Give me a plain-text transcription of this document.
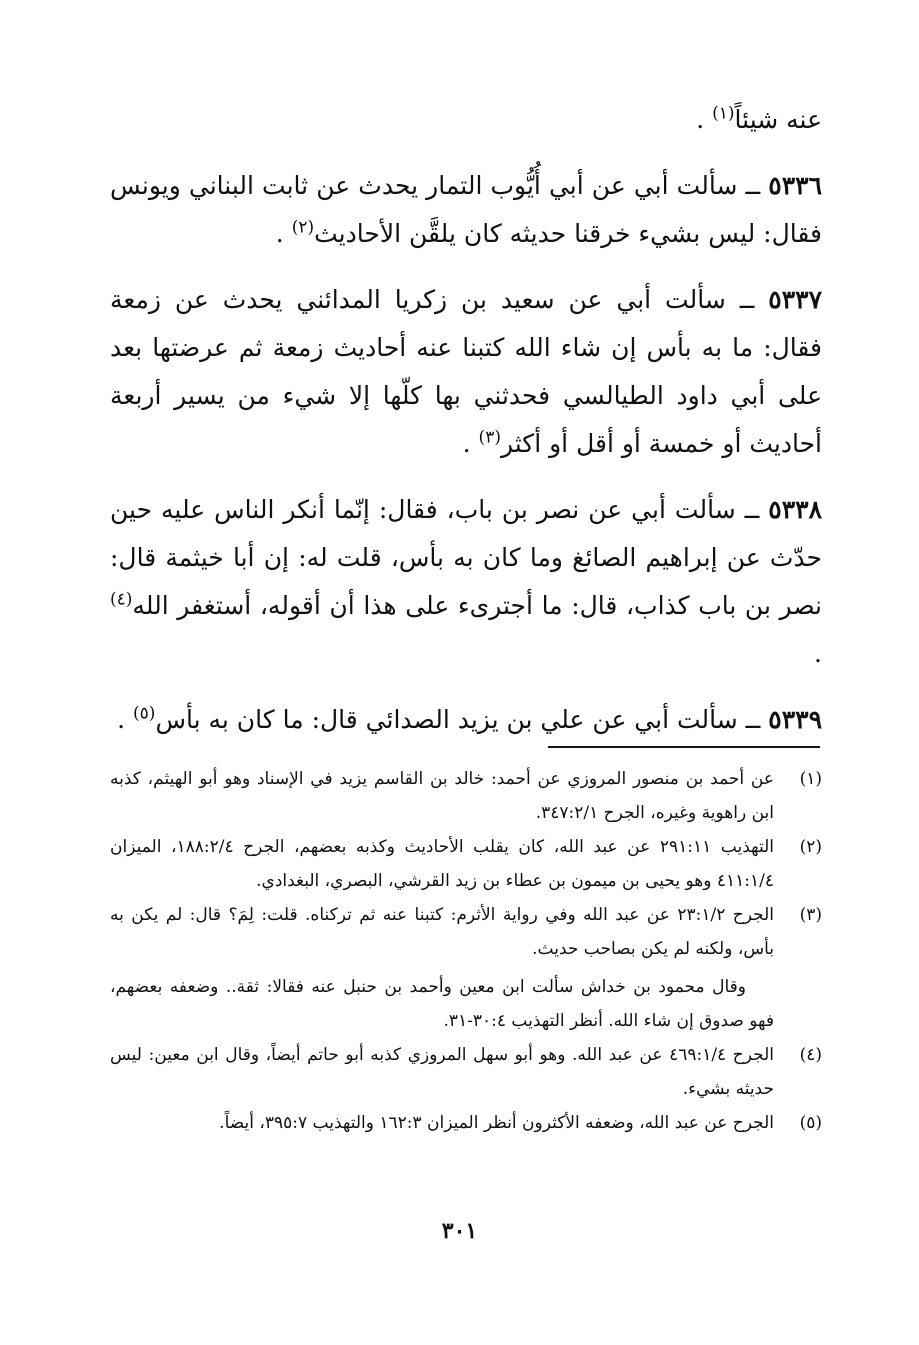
عنه شيئاً$^{(١)}$ .

٥٣٣٦ ــ سألت أبي عن أبي أُيُّوب التمار يحدث عن ثابت البناني ويونس فقال: ليس بشيء خرقنا حديثه كان يلقَّن الأحاديث$^{(٢)}$ .

٥٣٣٧ ــ سألت أبي عن سعيد بن زكريا المدائني يحدث عن زمعة فقال: ما به بأس إن شاء الله كتبنا عنه أحاديث زمعة ثم عرضتها بعد على أبي داود الطيالسي فحدثني بها كلّها إلا شيء من يسير أربعة أحاديث أو خمسة أو أقل أو أكثر$^{(٣)}$ .

٥٣٣٨ ــ سألت أبي عن نصر بن باب، فقال: إنّما أنكر الناس عليه حين حدّث عن إبراهيم الصائغ وما كان به بأس، قلت له: إن أبا خيثمة قال: نصر بن باب كذاب، قال: ما أجترىء على هذا أن أقوله، أستغفر الله$^{(٤)}$ .

٥٣٣٩ ــ سألت أبي عن علي بن يزيد الصدائي قال: ما كان به بأس$^{(٥)}$ .

(١)

عن أحمد بن منصور المروزي عن أحمد: خالد بن القاسم يزيد في الإسناد وهو أبو الهيثم، كذبه ابن راهوية وغيره، الجرح ٣٤٧:٢/١.

(٢)

التهذيب ٢٩١:١١ عن عبد الله، كان يقلب الأحاديث وكذبه بعضهم، الجرح ١٨٨:٢/٤، الميزان ٤١١:١/٤ وهو يحيى بن ميمون بن عطاء بن زيد القرشي، البصري، البغدادي.

(٣)

الجرح ٢٣:١/٢ عن عبد الله وفي رواية الأثرم: كتبنا عنه ثم تركناه. قلت: لِمَ؟ قال: لم يكن به بأس، ولكنه لم يكن بصاحب حديث.

وقال محمود بن خداش سألت ابن معين وأحمد بن حنبل عنه فقالا: ثقة.. وضعفه بعضهم، فهو صدوق إن شاء الله. أنظر التهذيب ٣٠:٤-٣١.

(٤)

الجرح ٤٦٩:١/٤ عن عبد الله. وهو أبو سهل المروزي كذبه أبو حاتم أيضاً، وقال ابن معين: ليس حديثه بشيء.

(٥)

الجرح عن عبد الله، وضعفه الأكثرون أنظر الميزان ١٦٢:٣ والتهذيب ٣٩٥:٧، أيضاً.

٣٠١
